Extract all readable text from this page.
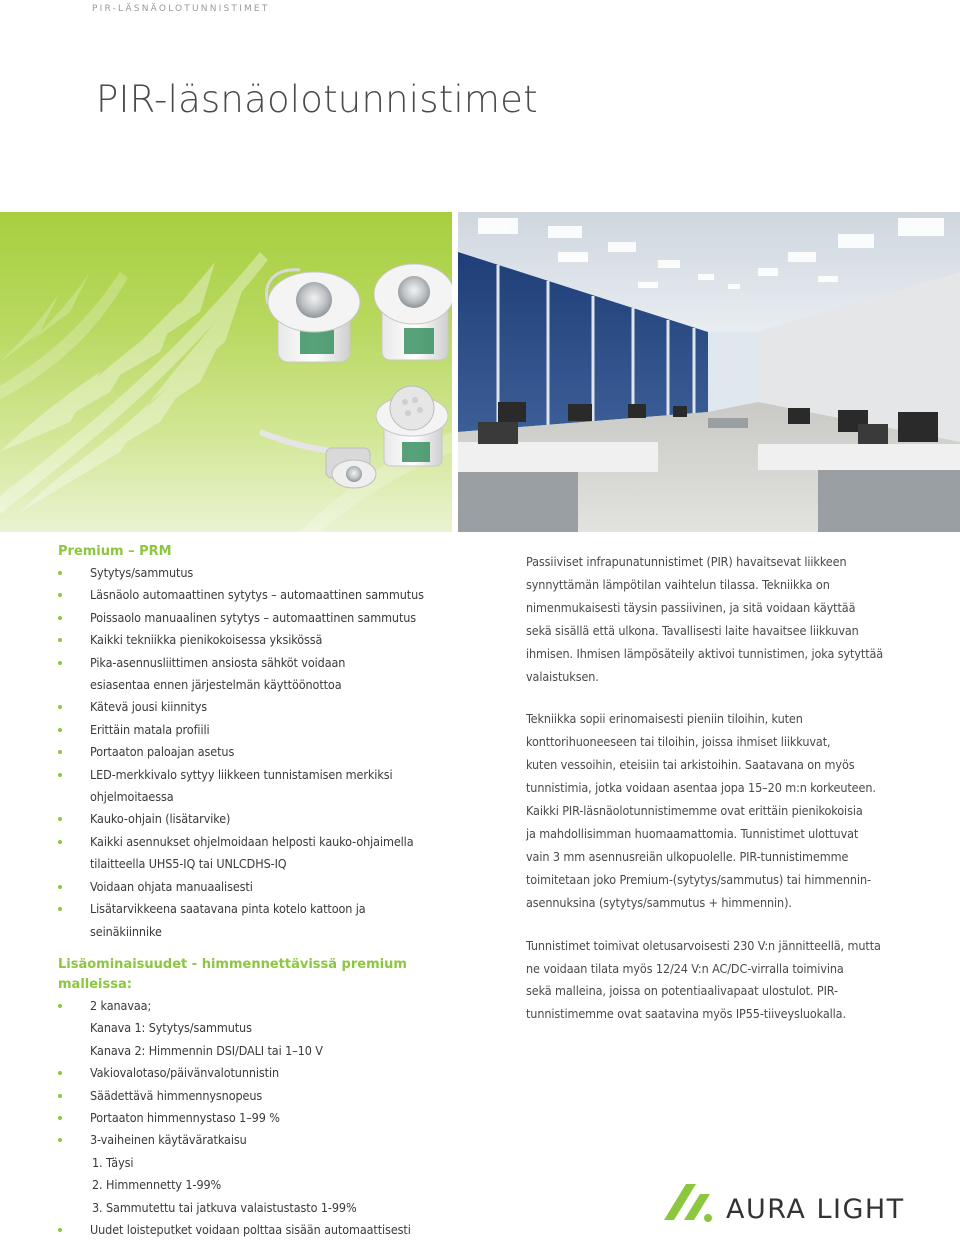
PIR-LÄSNÄOLOTUNNISTIMET
PIR-läsnäolotunnistimet
Premium – PRM
Sytytys/sammutus
Läsnäolo automaattinen sytytys – automaattinen sammutus
Poissaolo manuaalinen sytytys – automaattinen sammutus
Kaikki tekniikka pienikokoisessa yksikössä
Pika-asennusliittimen ansiosta sähköt voidaan
esiasentaa ennen järjestelmän käyttöönottoa
Kätevä jousi kiinnitys
Erittäin matala profiili
Portaaton paloajan asetus
LED-merkkivalo syttyy liikkeen tunnistamisen merkiksi
ohjelmoitaessa
Kauko-ohjain (lisätarvike)
Kaikki asennukset ohjelmoidaan helposti kauko-ohjaimella
tilaitteella UHS5-IQ tai UNLCDHS-IQ
Voidaan ohjata manuaalisesti
Lisätarvikkeena saatavana pinta kotelo kattoon ja
seinäkiinnike
Lisäominaisuudet - himmennettävissä premium malleissa:
2 kanavaa;
Kanava 1: Sytytys/sammutus
Kanava 2: Himmennin DSI/DALI tai 1–10 V
Vakiovalotaso/päivänvalotunnistin
Säädettävä himmennysnopeus
Portaaton himmennystaso 1–99 %
3-vaiheinen käytäväratkaisu
1. Täysi
2. Himmennetty 1-99%
3. Sammutettu tai jatkuva valaistustasto 1-99%
Uudet loisteputket voidaan polttaa sisään automaattisesti

Passiiviset infrapunatunnistimet (PIR) havaitsevat liikkeen
synnyttämän lämpötilan vaihtelun tilassa. Tekniikka on
nimenmukaisesti täysin passiivinen, ja sitä voidaan käyttää
sekä sisällä että ulkona. Tavallisesti laite havaitsee liikkuvan
ihmisen. Ihmisen lämpösäteily aktivoi tunnistimen, joka sytyttää
valaistuksen.

Tekniikka sopii erinomaisesti pieniin tiloihin, kuten
konttorihuoneeseen tai tiloihin, joissa ihmiset liikkuvat,
kuten vessoihin, eteisiin tai arkistoihin. Saatavana on myös
tunnistimia, jotka voidaan asentaa jopa 15–20 m:n korkeuteen.
Kaikki PIR-läsnäolotunnistimemme ovat erittäin pienikokoisia
ja mahdollisimman huomaamattomia. Tunnistimet ulottuvat
vain 3 mm asennusreiän ulkopuolelle. PIR-tunnistimemme
toimitetaan joko Premium-(sytytys/sammutus) tai himmennin-
asennuksina (sytytys/sammutus + himmennin).

Tunnistimet toimivat oletusarvoisesti 230 V:n jännitteellä, mutta
ne voidaan tilata myös 12/24 V:n AC/DC-virralla toimivina
sekä malleina, joissa on potentiaalivapaat ulostulot. PIR-
tunnistimemme ovat saatavina myös IP55-tiiveysluokalla.

AURA LIGHT
